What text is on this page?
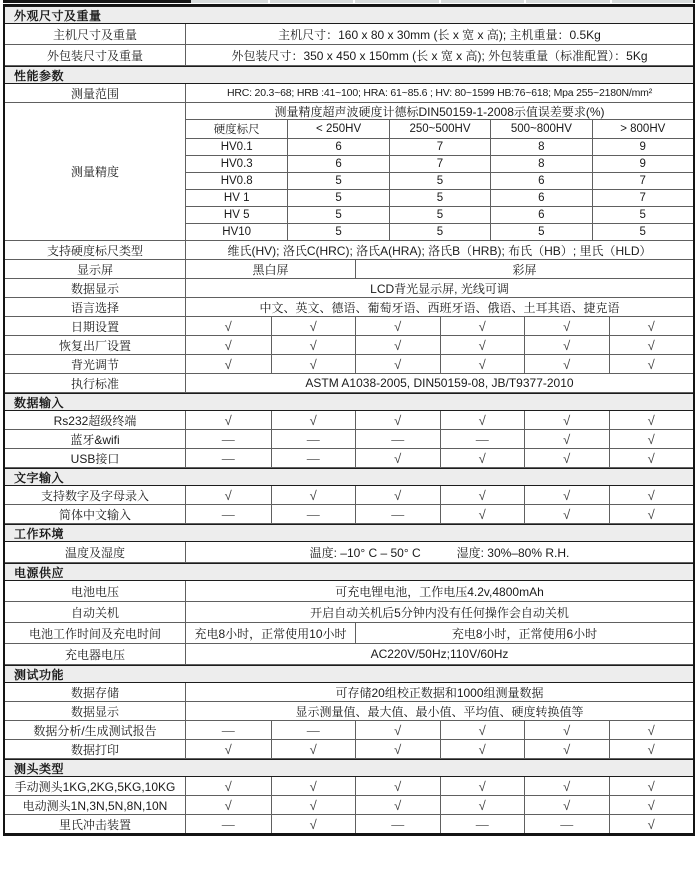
外观尺寸及重量
主机尺寸及重量	主机尺寸：160 x 80 x 30mm (长 x 宽 x 高); 主机重量：0.5Kg
外包装尺寸及重量	外包装尺寸：350 x 450 x 150mm (长 x 宽 x 高); 外包装重量（标准配置）：5Kg
性能参数
测量范围	HRC: 20.3~68; HRB :41~100; HRA: 61~85.6 ; HV: 80~1599 HB:76~618; Mpa 255~2180N/mm²
测量精度
测量精度超声波硬度计德标DIN50159-1-2008示值误差要求(%)
硬度标尺	< 250HV	250~500HV	500~800HV	> 800HV
HV0.1	6	7	8	9
HV0.3	6	7	8	9
HV0.8	5	5	6	7
HV 1	5	5	6	7
HV 5	5	5	6	5
HV10	5	5	5	5
支持硬度标尺类型	维氏(HV); 洛氏C(HRC); 洛氏A(HRA); 洛氏B（HRB); 布氏（HB）; 里氏（HLD）
显示屏	黑白屏	彩屏
数据显示	LCD背光显示屏, 光线可调
语言选择	中文、英文、德语、葡萄牙语、西班牙语、俄语、土耳其语、捷克语
日期设置	√	√	√	√	√	√
恢复出厂设置	√	√	√	√	√	√
背光调节	√	√	√	√	√	√
执行标准	ASTM A1038-2005, DIN50159-08, JB/T9377-2010
数据输入
Rs232超级终端	√	√	√	√	√	√
蓝牙&wifi	—	—	—	—	√	√
USB接口	—	—	√	√	√	√
文字输入
支持数字及字母录入	√	√	√	√	√	√
简体中文输入	—	—	—	√	√	√
工作环境
温度及湿度	温度: –10° C – 50° C　　　湿度: 30%–80% R.H.
电源供应
电池电压	可充电锂电池，工作电压4.2v,4800mAh
自动关机	开启自动关机后5分钟内没有任何操作会自动关机
电池工作时间及充电时间	充电8小时，正常使用10小时	充电8小时，正常使用6小时
充电器电压	AC220V/50Hz;110V/60Hz
测试功能
数据存储	可存储20组校正数据和1000组测量数据
数据显示	显示测量值、最大值、最小值、平均值、硬度转换值等
数据分析/生成测试报告	—	—	√	√	√	√
数据打印	√	√	√	√	√	√
测头类型
手动测头1KG,2KG,5KG,10KG	√	√	√	√	√	√
电动测头1N,3N,5N,8N,10N	√	√	√	√	√	√
里氏冲击装置	—	√	—	—	—	√
